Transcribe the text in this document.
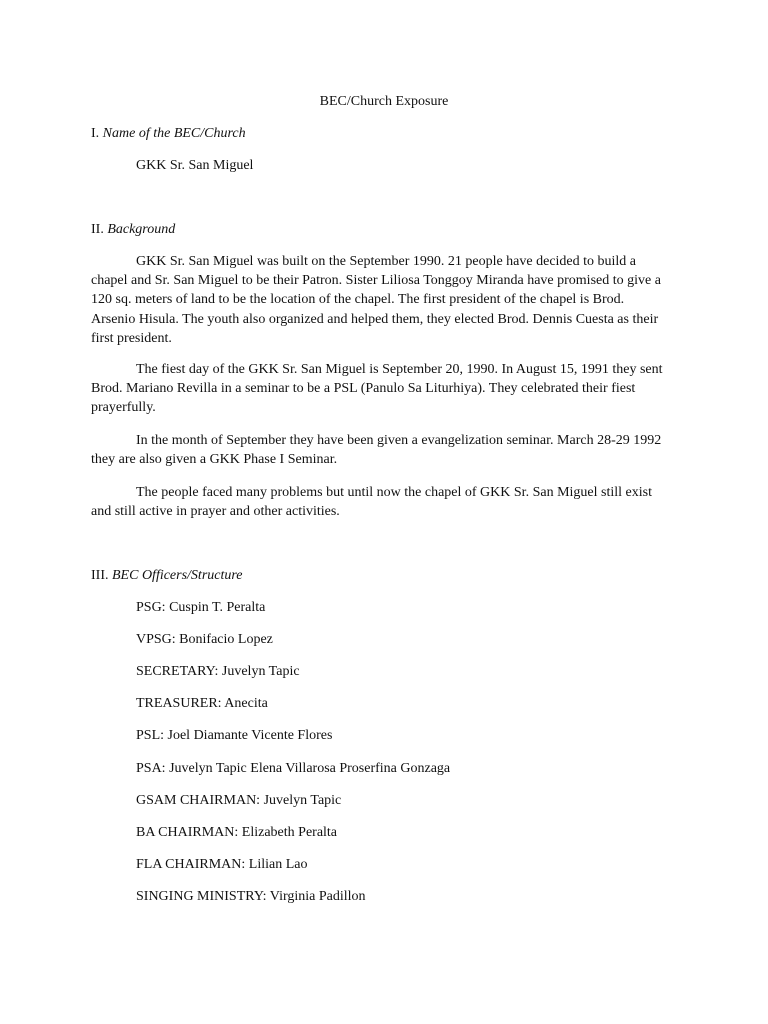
BEC/Church Exposure
I. Name of the BEC/Church
GKK Sr. San Miguel
II. Background

GKK Sr. San Miguel was built on the September 1990. 21 people have decided to build a chapel and Sr. San Miguel to be their Patron. Sister Liliosa Tonggoy Miranda have promised to give a 120 sq. meters of land to be the location of the chapel. The first president of the chapel is Brod. Arsenio Hisula. The youth also organized and helped them, they elected Brod. Dennis Cuesta as their first president.

The fiest day of the GKK Sr. San Miguel is September 20, 1990. In August 15, 1991 they sent Brod. Mariano Revilla in a seminar to be a PSL (Panulo Sa Liturhiya). They celebrated their fiest prayerfully.

In the month of September they have been given a evangelization seminar. March 28-29 1992 they are also given a GKK Phase I Seminar.

The people faced many problems but until now the chapel of GKK Sr. San Miguel still exist and still active in prayer and other activities.

III. BEC Officers/Structure
PSG: Cuspin T. Peralta
VPSG: Bonifacio Lopez
SECRETARY: Juvelyn Tapic
TREASURER: Anecita
PSL: Joel Diamante Vicente Flores
PSA: Juvelyn Tapic Elena Villarosa Proserfina Gonzaga
GSAM CHAIRMAN: Juvelyn Tapic
BA CHAIRMAN: Elizabeth Peralta
FLA CHAIRMAN: Lilian Lao
SINGING MINISTRY: Virginia Padillon
